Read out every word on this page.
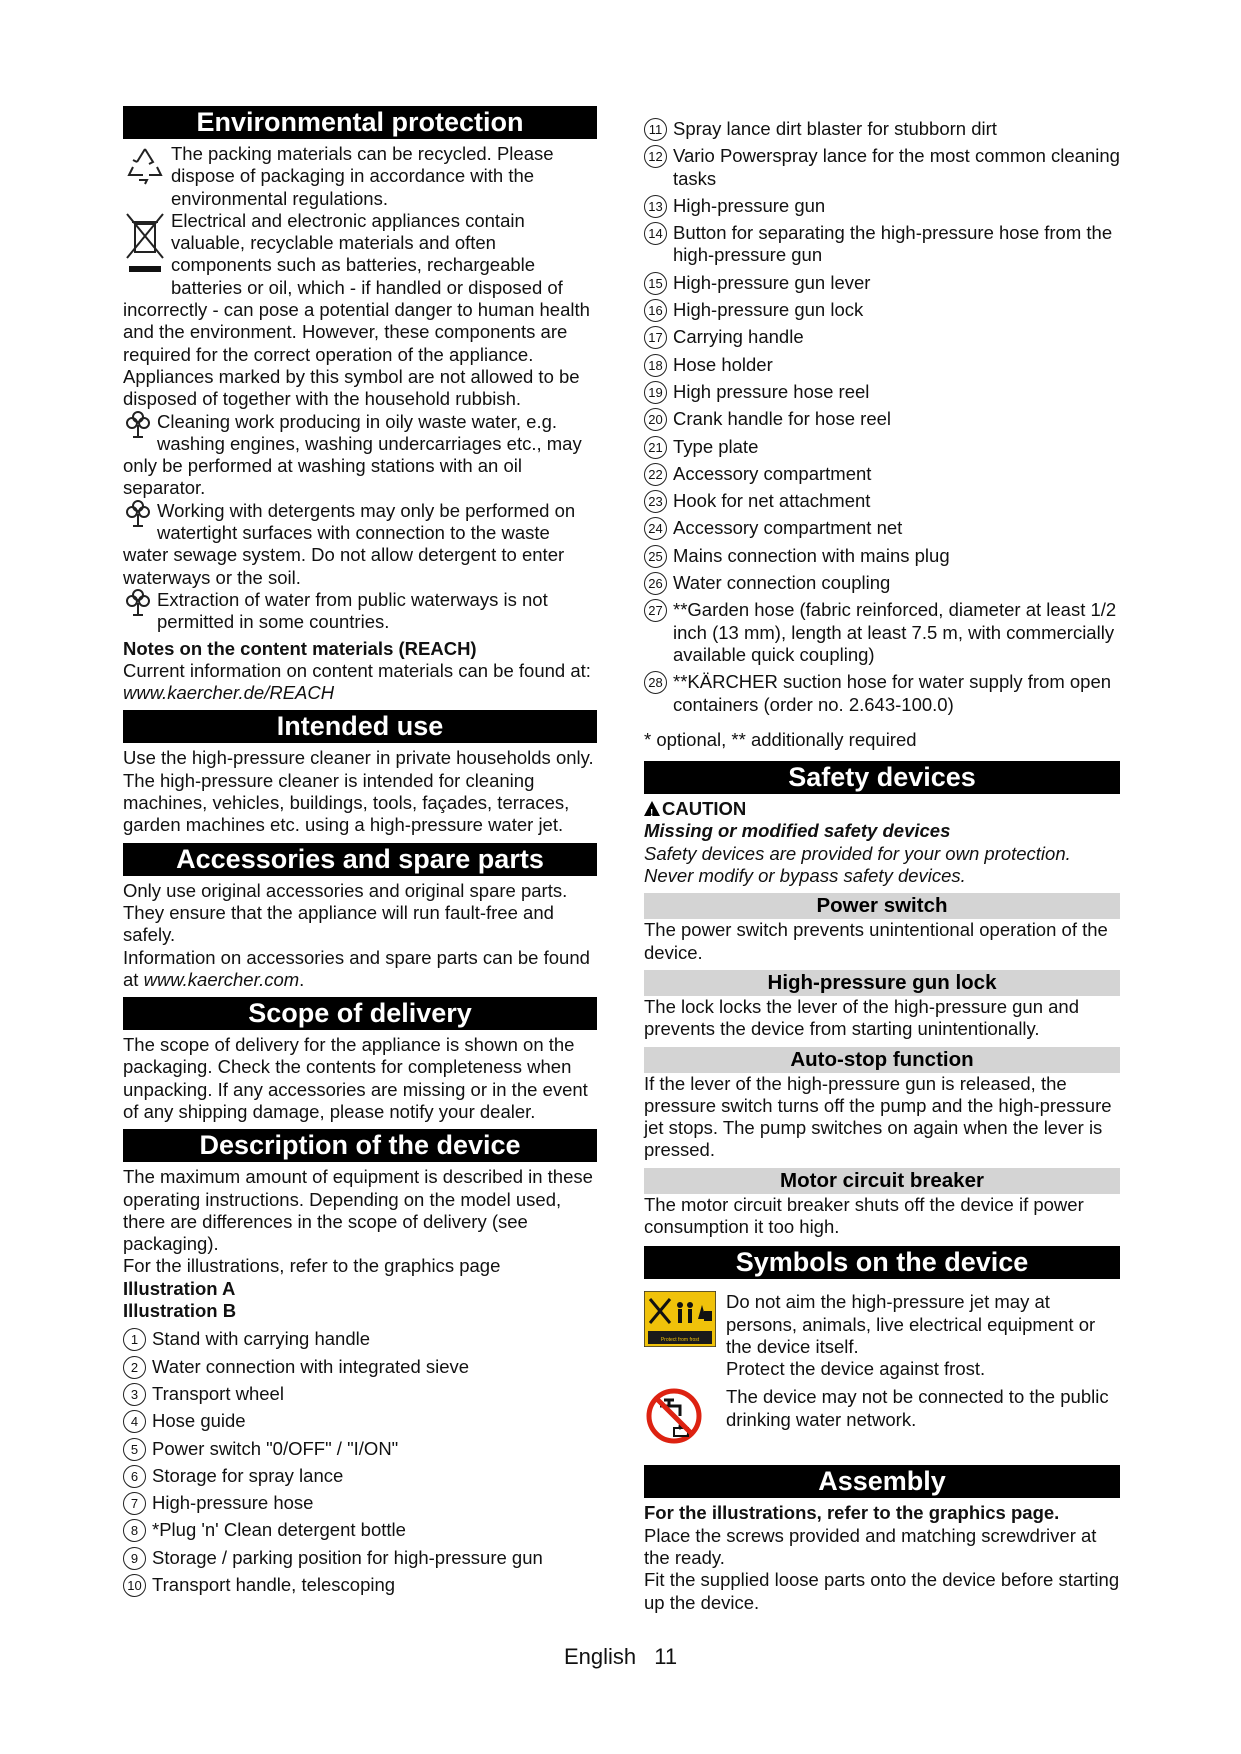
Environmental protection

The packing materials can be recycled. Please dispose of packaging in accordance with the environmental regulations.

Electrical and electronic appliances contain valuable, recyclable materials and often components such as batteries, rechargeable batteries or oil, which - if handled or disposed of incorrectly - can pose a potential danger to human health and the environment. However, these components are required for the correct operation of the appliance. Appliances marked by this symbol are not allowed to be disposed of together with the household rubbish.

Cleaning work producing in oily waste water, e.g. washing engines, washing undercarriages etc., may only be performed at washing stations with an oil separator.

Working with detergents may only be performed on watertight surfaces with connection to the waste water sewage system. Do not allow detergent to enter waterways or the soil.

Extraction of water from public waterways is not permitted in some countries.

Notes on the content materials (REACH)

Current information on content materials can be found at: www.kaercher.de/REACH

Intended use

Use the high-pressure cleaner in private households only.

The high-pressure cleaner is intended for cleaning machines, vehicles, buildings, tools, façades, terraces, garden machines etc. using a high-pressure water jet.

Accessories and spare parts

Only use original accessories and original spare parts. They ensure that the appliance will run fault-free and safely.

Information on accessories and spare parts can be found at www.kaercher.com.

Scope of delivery

The scope of delivery for the appliance is shown on the packaging. Check the contents for completeness when unpacking. If any accessories are missing or in the event of any shipping damage, please notify your dealer.

Description of the device

The maximum amount of equipment is described in these operating instructions. Depending on the model used, there are differences in the scope of delivery (see packaging).

For the illustrations, refer to the graphics page

Illustration A

Illustration B

1 Stand with carrying handle
2 Water connection with integrated sieve
3 Transport wheel
4 Hose guide
5 Power switch "0/OFF" / "I/ON"
6 Storage for spray lance
7 High-pressure hose
8 *Plug 'n' Clean detergent bottle
9 Storage / parking position for high-pressure gun
10 Transport handle, telescoping
11 Spray lance dirt blaster for stubborn dirt
12 Vario Powerspray lance for the most common cleaning tasks
13 High-pressure gun
14 Button for separating the high-pressure hose from the high-pressure gun
15 High-pressure gun lever
16 High-pressure gun lock
17 Carrying handle
18 Hose holder
19 High pressure hose reel
20 Crank handle for hose reel
21 Type plate
22 Accessory compartment
23 Hook for net attachment
24 Accessory compartment net
25 Mains connection with mains plug
26 Water connection coupling
27 **Garden hose (fabric reinforced, diameter at least 1/2 inch (13 mm), length at least 7.5 m, with commercially available quick coupling)
28 **KÄRCHER suction hose for water supply from open containers (order no. 2.643-100.0)

* optional, ** additionally required

Safety devices

!CAUTION

Missing or modified safety devices

Safety devices are provided for your own protection. Never modify or bypass safety devices.

Power switch

The power switch prevents unintentional operation of the device.

High-pressure gun lock

The lock locks the lever of the high-pressure gun and prevents the device from starting unintentionally.

Auto-stop function

If the lever of the high-pressure gun is released, the pressure switch turns off the pump and the high-pressure jet stops. The pump switches on again when the lever is pressed.

Motor circuit breaker

The motor circuit breaker shuts off the device if power consumption it too high.

Symbols on the device
Protect from frost

Do not aim the high-pressure jet may at persons, animals, live electrical equipment or the device itself.

Protect the device against frost.

The device may not be connected to the public drinking water network.

Assembly

For the illustrations, refer to the graphics page.

Place the screws provided and matching screwdriver at the ready.

Fit the supplied loose parts onto the device before starting up the device.

English 11
